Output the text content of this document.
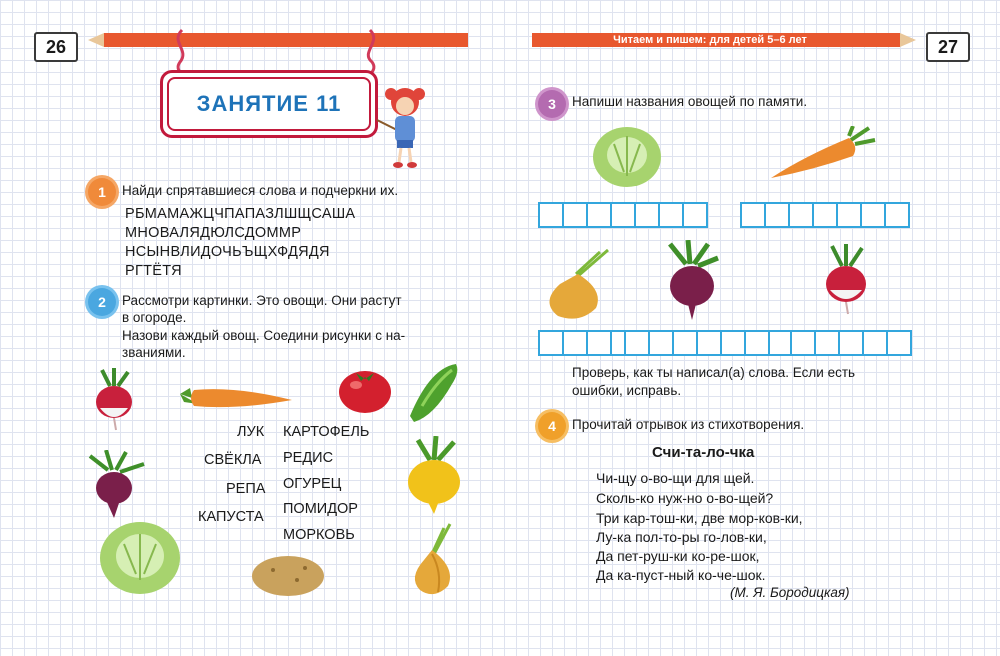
26	Читаем и пишем: для детей 5–6 лет	27
ЗАНЯТИЕ 11
1	Найди спрятавшиеся слова и подчеркни их.
РБМАМАЖЦЧПАПАЗЛШЩСАША
МНОВАЛЯДЮЛСДОММР
НСЫНВЛИДОЧЬЪЩХФДЯДЯ
РГТЁТЯ
2	Рассмотри картинки. Это овощи. Они растут
в огороде.
Назови каждый овощ. Соедини рисунки с на-
званиями.
ЛУК
СВЁКЛА
РЕПА
КАПУСТА
КАРТОФЕЛЬ
РЕДИС
ОГУРЕЦ
ПОМИДОР
МОРКОВЬ
3	Напиши названия овощей по памяти.
Проверь, как ты написал(а) слова. Если есть
ошибки, исправь.
4	Прочитай отрывок из стихотворения.
Счи-та-ло-чка
Чи-щу о-во-щи для щей.
Сколь-ко нуж-но о-во-щей?
Три кар-тош-ки, две мор-ков-ки,
Лу-ка пол-то-ры го-лов-ки,
Да пет-руш-ки ко-ре-шок,
Да ка-пуст-ный ко-че-шок.
(М. Я. Бородицкая)
